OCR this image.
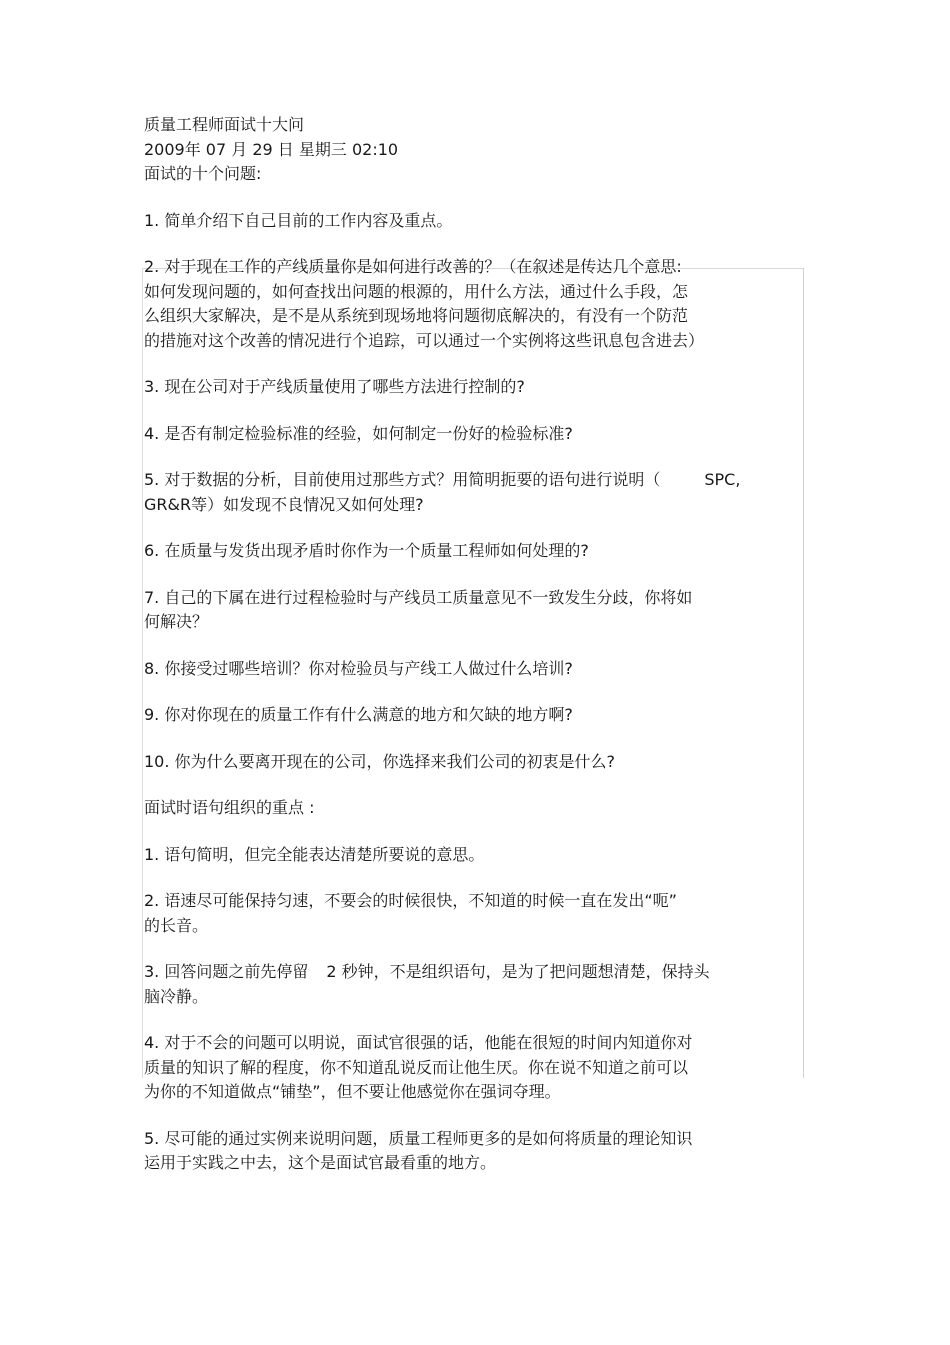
质量工程师面试十大问
2009年 07 月 29 日 星期三 02:10
面试的十个问题:
1. 简单介绍下自己目前的工作内容及重点。
2. 对于现在工作的产线质量你是如何进行改善的？（在叙述是传达几个意思:
如何发现问题的，如何查找出问题的根源的，用什么方法，通过什么手段，怎
么组织大家解决，是不是从系统到现场地将问题彻底解决的，有没有一个防范
的措施对这个改善的情况进行个追踪，可以通过一个实例将这些讯息包含进去）
3. 现在公司对于产线质量使用了哪些方法进行控制的?
4. 是否有制定检验标准的经验，如何制定一份好的检验标准?
5. 对于数据的分析，目前使用过那些方式？用简明扼要的语句进行说明（	SPC,
GR&R等）如发现不良情况又如何处理?
6. 在质量与发货出现矛盾时你作为一个质量工程师如何处理的?
7. 自己的下属在进行过程检验时与产线员工质量意见不一致发生分歧，你将如
何解决？
8. 你接受过哪些培训？你对检验员与产线工人做过什么培训?
9. 你对你现在的质量工作有什么满意的地方和欠缺的地方啊?
10. 你为什么要离开现在的公司，你选择来我们公司的初衷是什么?
面试时语句组织的重点 :
1. 语句简明，但完全能表达清楚所要说的意思。
2. 语速尽可能保持匀速，不要会的时候很快，不知道的时候一直在发出“呃”
的长音。
3. 回答问题之前先停留 2 秒钟，不是组织语句，是为了把问题想清楚，保持头
脑冷静。
4. 对于不会的问题可以明说，面试官很强的话，他能在很短的时间内知道你对
质量的知识了解的程度，你不知道乱说反而让他生厌。你在说不知道之前可以
为你的不知道做点“铺垫”，但不要让他感觉你在强词夺理。
5. 尽可能的通过实例来说明问题，质量工程师更多的是如何将质量的理论知识
运用于实践之中去，这个是面试官最看重的地方。
